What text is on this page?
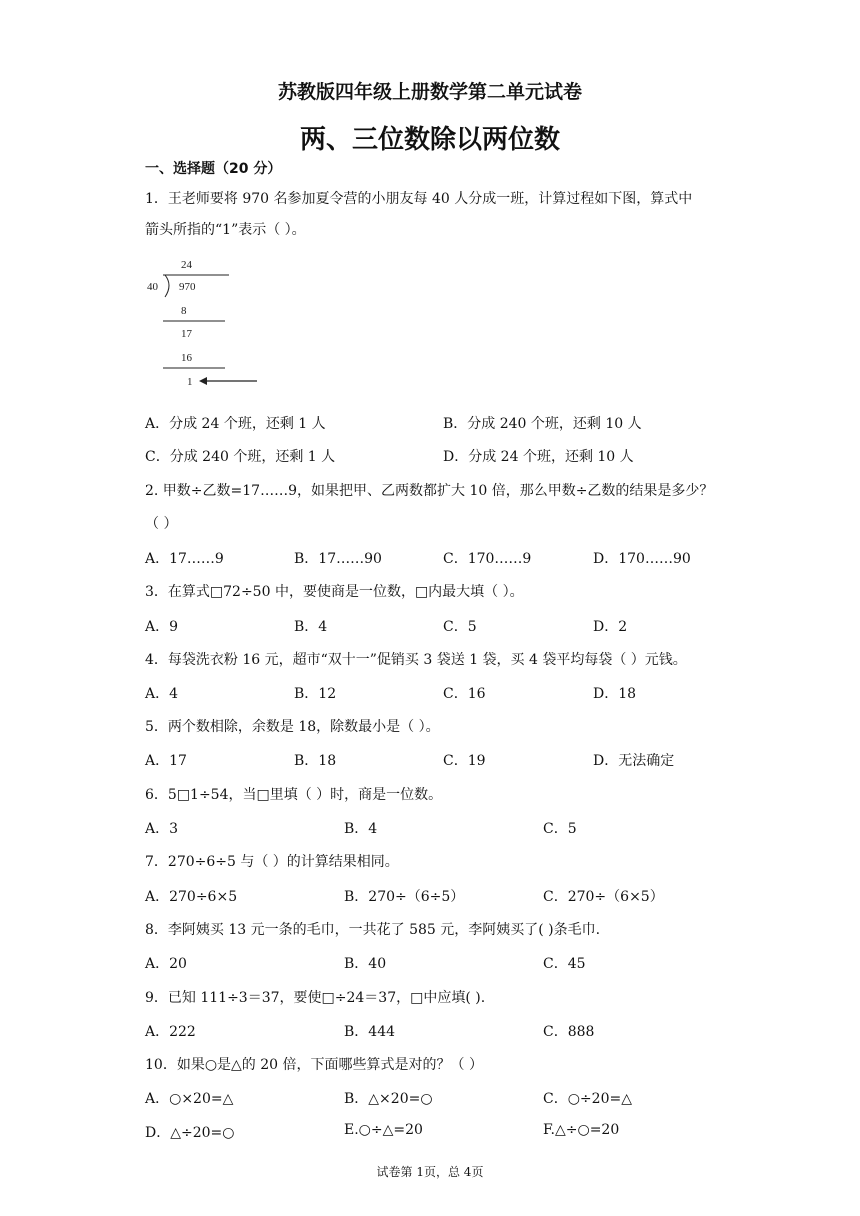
苏教版四年级上册数学第二单元试卷
两、三位数除以两位数
一、选择题（20 分）
1．王老师要将 970 名参加夏令营的小朋友每 40 人分成一班，计算过程如下图，算式中
箭头所指的“1”表示（ ）。
24
40 970
8
17
16
1
A．分成 24 个班，还剩 1 人	B．分成 240 个班，还剩 10 人
C．分成 240 个班，还剩 1 人	D．分成 24 个班，还剩 10 人
2. 甲数÷乙数=17……9，如果把甲、乙两数都扩大 10 倍，那么甲数÷乙数的结果是多少？
（ ）
A．17……9	B．17……90	C．170……9	D．170……90
3．在算式□72÷50 中，要使商是一位数，□内最大填（ ）。
A．9	B．4	C．5	D．2
4．每袋洗衣粉 16 元，超市“双十一”促销买 3 袋送 1 袋，买 4 袋平均每袋（ ）元钱。
A．4	B．12	C．16	D．18
5．两个数相除，余数是 18，除数最小是（ ）。
A．17	B．18	C．19	D．无法确定
6．5□1÷54，当□里填（ ）时，商是一位数。
A．3	B．4	C．5
7．270÷6÷5 与（ ）的计算结果相同。
A．270÷6×5	B．270÷（6÷5）	C．270÷（6×5）
8．李阿姨买 13 元一条的毛巾，一共花了 585 元，李阿姨买了( )条毛巾.
A．20	B．40	C．45
9．已知 111÷3＝37，要使□÷24＝37，□中应填( ).
A．222	B．444	C．888
10．如果○是△的 20 倍，下面哪些算式是对的？（ ）
A．○×20=△	B．△×20=○	C．○÷20=△
D．△÷20=○	E.○÷△=20	F.△÷○=20
试卷第 1页，总 4页
